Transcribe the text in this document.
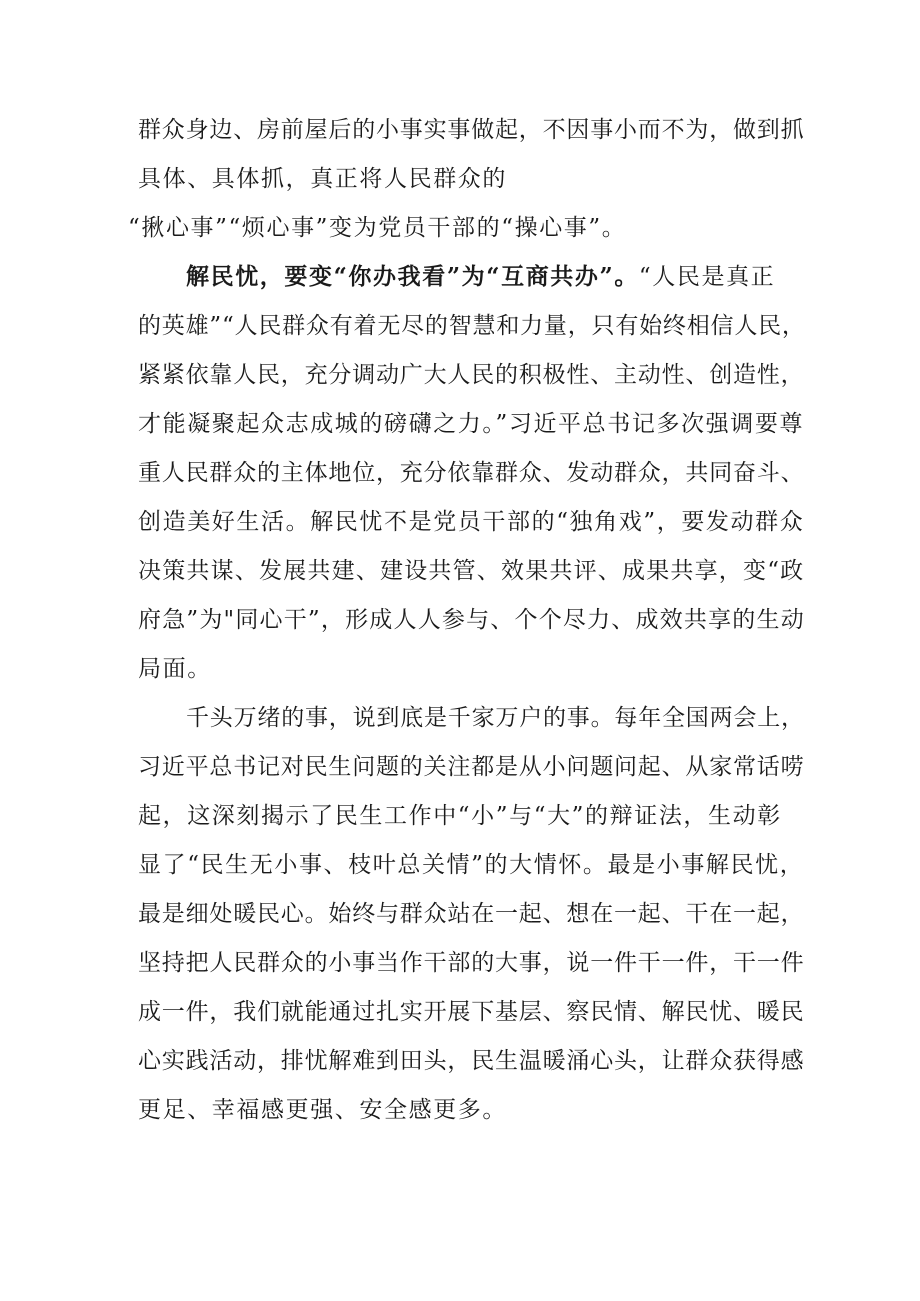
群众身边、房前屋后的小事实事做起，不因事小而不为，做到抓
具体、具体抓，真正将人民群众的
“揪心事”“烦心事”变为党员干部的“操心事”。
解民忧，要变“你办我看”为“互商共办”。“人民是真正
的英雄”“人民群众有着无尽的智慧和力量，只有始终相信人民，
紧紧依靠人民，充分调动广大人民的积极性、主动性、创造性，
才能凝聚起众志成城的磅礴之力。”习近平总书记多次强调要尊
重人民群众的主体地位，充分依靠群众、发动群众，共同奋斗、
创造美好生活。解民忧不是党员干部的“独角戏”，要发动群众
决策共谋、发展共建、建设共管、效果共评、成果共享，变“政
府急”为"同心干”，形成人人参与、个个尽力、成效共享的生动
局面。
千头万绪的事，说到底是千家万户的事。每年全国两会上，
习近平总书记对民生问题的关注都是从小问题问起、从家常话唠
起，这深刻揭示了民生工作中“小”与“大”的辩证法，生动彰
显了“民生无小事、枝叶总关情”的大情怀。最是小事解民忧，
最是细处暖民心。始终与群众站在一起、想在一起、干在一起，
坚持把人民群众的小事当作干部的大事，说一件干一件，干一件
成一件，我们就能通过扎实开展下基层、察民情、解民忧、暖民
心实践活动，排忧解难到田头，民生温暖涌心头，让群众获得感
更足、幸福感更强、安全感更多。
